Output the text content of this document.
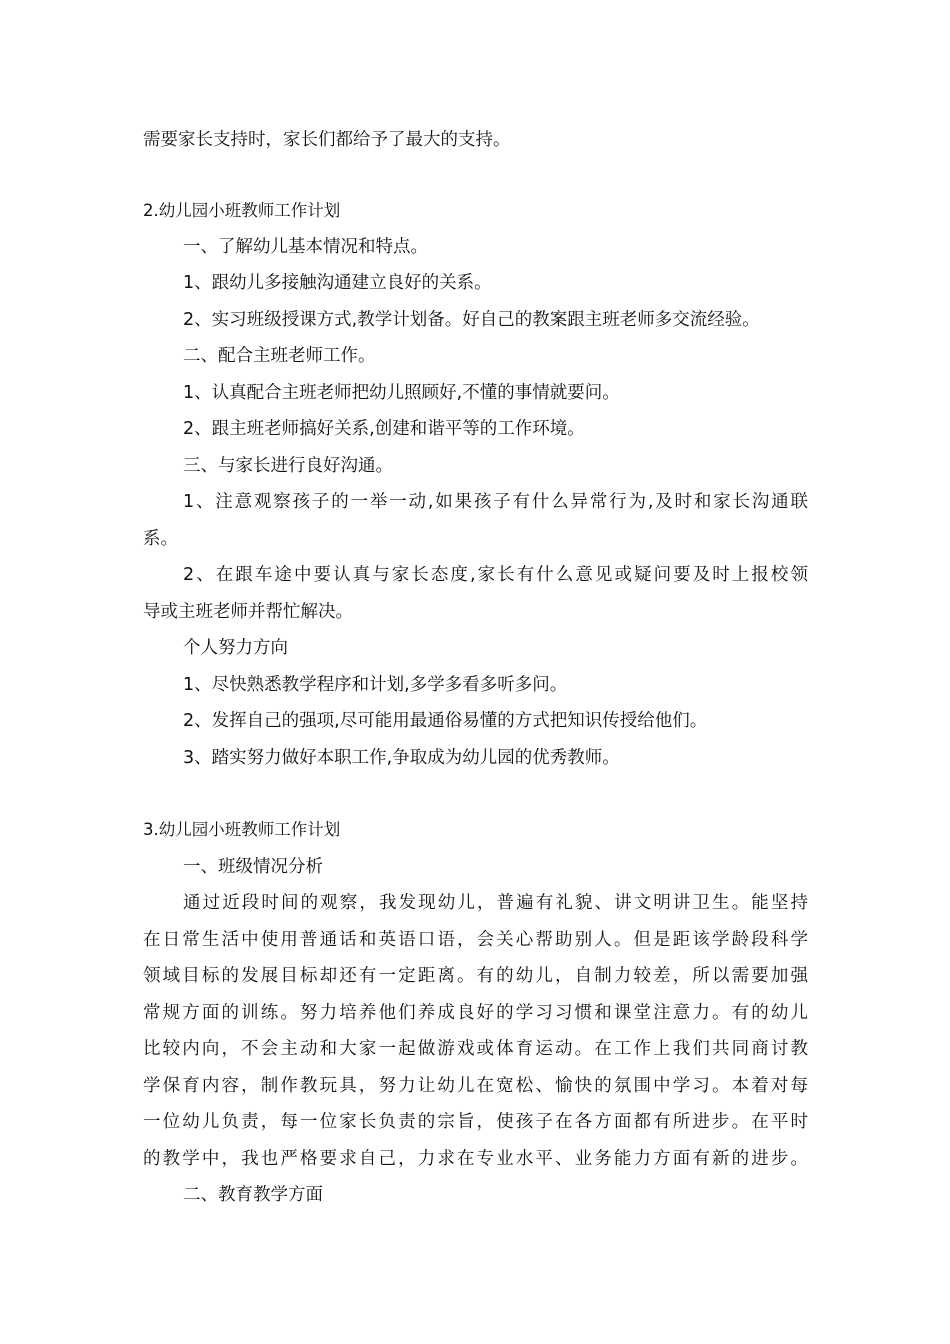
需要家长支持时，家长们都给予了最大的支持。
2.幼儿园小班教师工作计划
一、了解幼儿基本情况和特点。
1、跟幼儿多接触沟通建立良好的关系。
2、实习班级授课方式,教学计划备。好自己的教案跟主班老师多交流经验。
二、配合主班老师工作。
1、认真配合主班老师把幼儿照顾好,不懂的事情就要问。
2、跟主班老师搞好关系,创建和谐平等的工作环境。
三、与家长进行良好沟通。
1、注意观察孩子的一举一动,如果孩子有什么异常行为,及时和家长沟通联
系。
2、在跟车途中要认真与家长态度,家长有什么意见或疑问要及时上报校领
导或主班老师并帮忙解决。
个人努力方向
1、尽快熟悉教学程序和计划,多学多看多听多问。
2、发挥自己的强项,尽可能用最通俗易懂的方式把知识传授给他们。
3、踏实努力做好本职工作,争取成为幼儿园的优秀教师。
3.幼儿园小班教师工作计划
一、班级情况分析
通过近段时间的观察，我发现幼儿，普遍有礼貌、讲文明讲卫生。能坚持
在日常生活中使用普通话和英语口语，会关心帮助别人。但是距该学龄段科学
领域目标的发展目标却还有一定距离。有的幼儿，自制力较差，所以需要加强
常规方面的训练。努力培养他们养成良好的学习习惯和课堂注意力。有的幼儿
比较内向，不会主动和大家一起做游戏或体育运动。在工作上我们共同商讨教
学保育内容，制作教玩具，努力让幼儿在宽松、愉快的氛围中学习。本着对每
一位幼儿负责，每一位家长负责的宗旨，使孩子在各方面都有所进步。在平时
的教学中，我也严格要求自己，力求在专业水平、业务能力方面有新的进步。
二、教育教学方面
